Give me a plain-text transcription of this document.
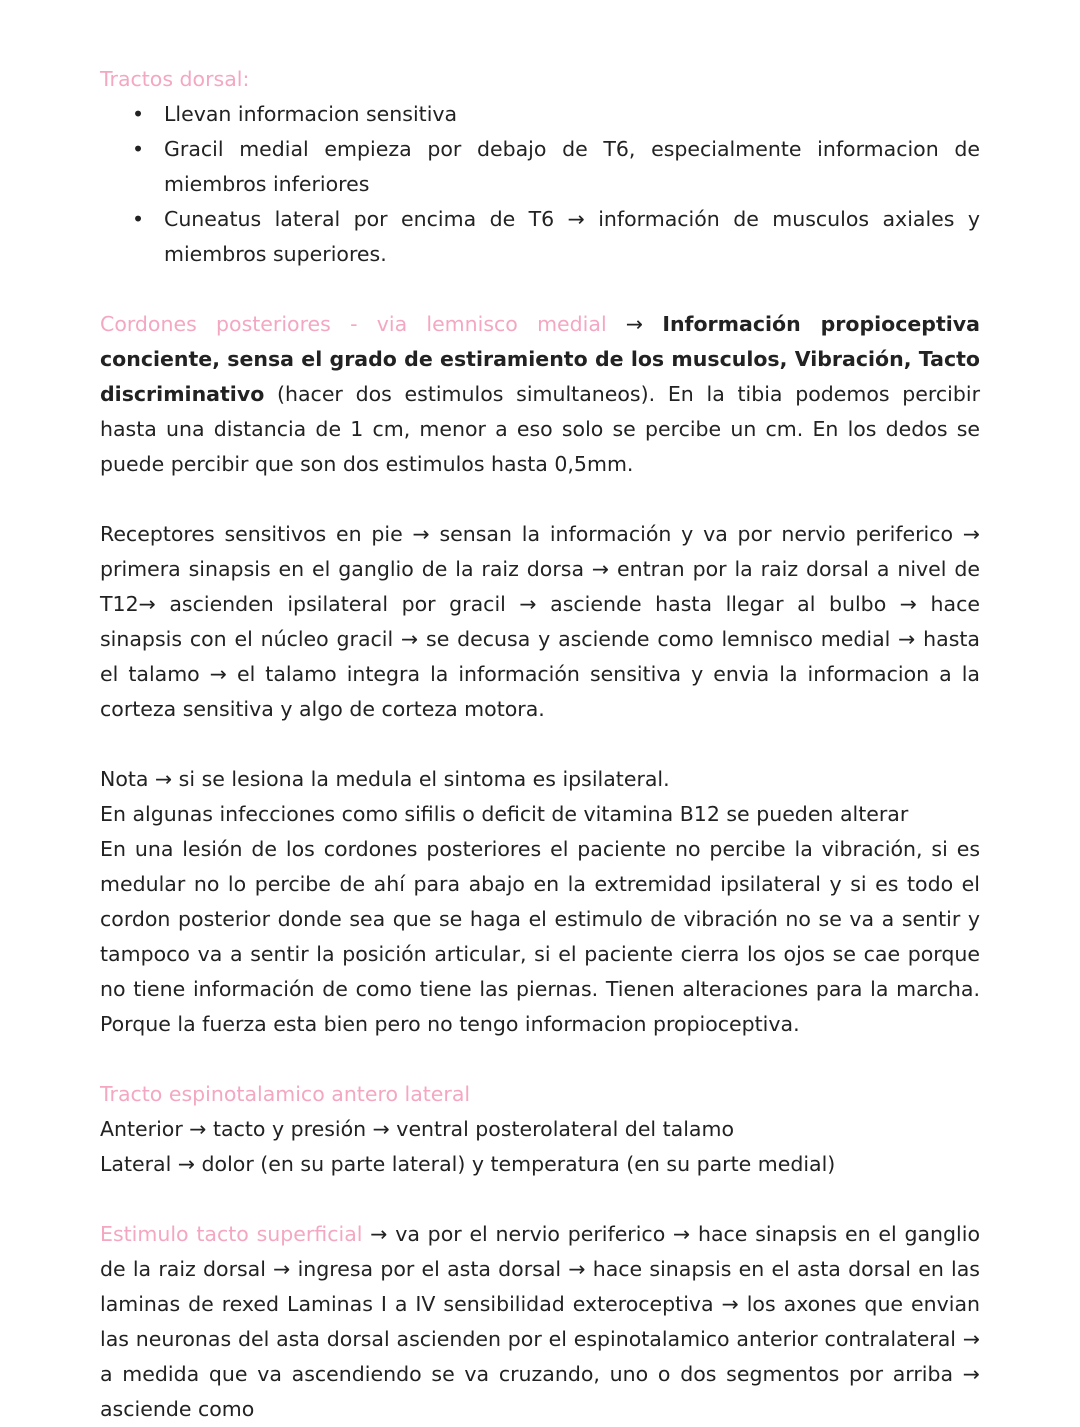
Tractos dorsal:

• Llevan informacion sensitiva
• Gracil medial empieza por debajo de T6, especialmente informacion de miembros inferiores
• Cuneatus lateral por encima de T6 → información de musculos axiales y miembros superiores.

Cordones posteriores - via lemnisco medial → Información propioceptiva conciente, sensa el grado de estiramiento de los musculos, Vibración, Tacto discriminativo (hacer dos estimulos simultaneos). En la tibia podemos percibir hasta una distancia de 1 cm, menor a eso solo se percibe un cm. En los dedos se puede percibir que son dos estimulos hasta 0,5mm.

Receptores sensitivos en pie → sensan la información y va por nervio periferico → primera sinapsis en el ganglio de la raiz dorsa → entran por la raiz dorsal a nivel de T12→ ascienden ipsilateral por gracil → asciende hasta llegar al bulbo → hace sinapsis con el núcleo gracil → se decusa y asciende como lemnisco medial → hasta el talamo → el talamo integra la información sensitiva y envia la informacion a la corteza sensitiva y algo de corteza motora.

Nota → si se lesiona la medula el sintoma es ipsilateral.
En algunas infecciones como sifilis o deficit de vitamina B12 se pueden alterar
En una lesión de los cordones posteriores el paciente no percibe la vibración, si es medular no lo percibe de ahí para abajo en la extremidad ipsilateral y si es todo el cordon posterior donde sea que se haga el estimulo de vibración no se va a sentir y tampoco va a sentir la posición articular, si el paciente cierra los ojos se cae porque no tiene información de como tiene las piernas. Tienen alteraciones para la marcha. Porque la fuerza esta bien pero no tengo informacion propioceptiva.

Tracto espinotalamico antero lateral

Anterior → tacto y presión → ventral posterolateral del talamo
Lateral → dolor (en su parte lateral) y temperatura (en su parte medial)

Estimulo tacto superficial → va por el nervio periferico → hace sinapsis en el ganglio de la raiz dorsal → ingresa por el asta dorsal → hace sinapsis en el asta dorsal en las laminas de rexed Laminas I a IV sensibilidad exteroceptiva → los axones que envian las neuronas del asta dorsal ascienden por el espinotalamico anterior contralateral → a medida que va ascendiendo se va cruzando, uno o dos segmentos por arriba → asciende como
